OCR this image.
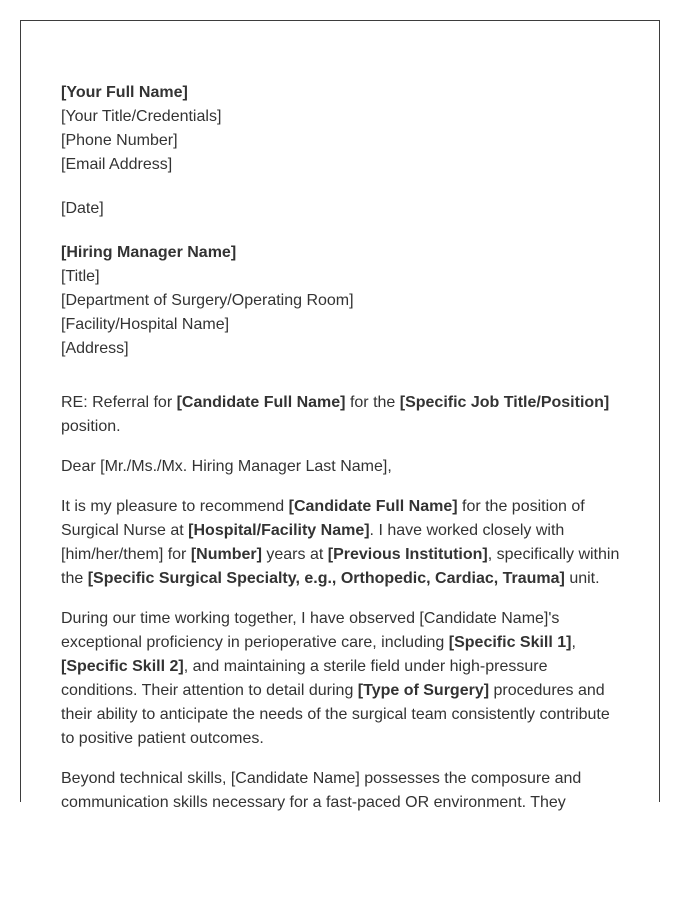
[Your Full Name]
[Your Title/Credentials]
[Phone Number]
[Email Address]
[Date]
[Hiring Manager Name]
[Title]
[Department of Surgery/Operating Room]
[Facility/Hospital Name]
[Address]

RE: Referral for [Candidate Full Name] for the [Specific Job Title/Position] position.

Dear [Mr./Ms./Mx. Hiring Manager Last Name],

It is my pleasure to recommend [Candidate Full Name] for the position of Surgical Nurse at [Hospital/Facility Name]. I have worked closely with [him/her/them] for [Number] years at [Previous Institution], specifically within the [Specific Surgical Specialty, e.g., Orthopedic, Cardiac, Trauma] unit.

During our time working together, I have observed [Candidate Name]'s exceptional proficiency in perioperative care, including [Specific Skill 1], [Specific Skill 2], and maintaining a sterile field under high-pressure conditions. Their attention to detail during [Type of Surgery] procedures and their ability to anticipate the needs of the surgical team consistently contribute to positive patient outcomes.

Beyond technical skills, [Candidate Name] possesses the composure and communication skills necessary for a fast-paced OR environment. They
